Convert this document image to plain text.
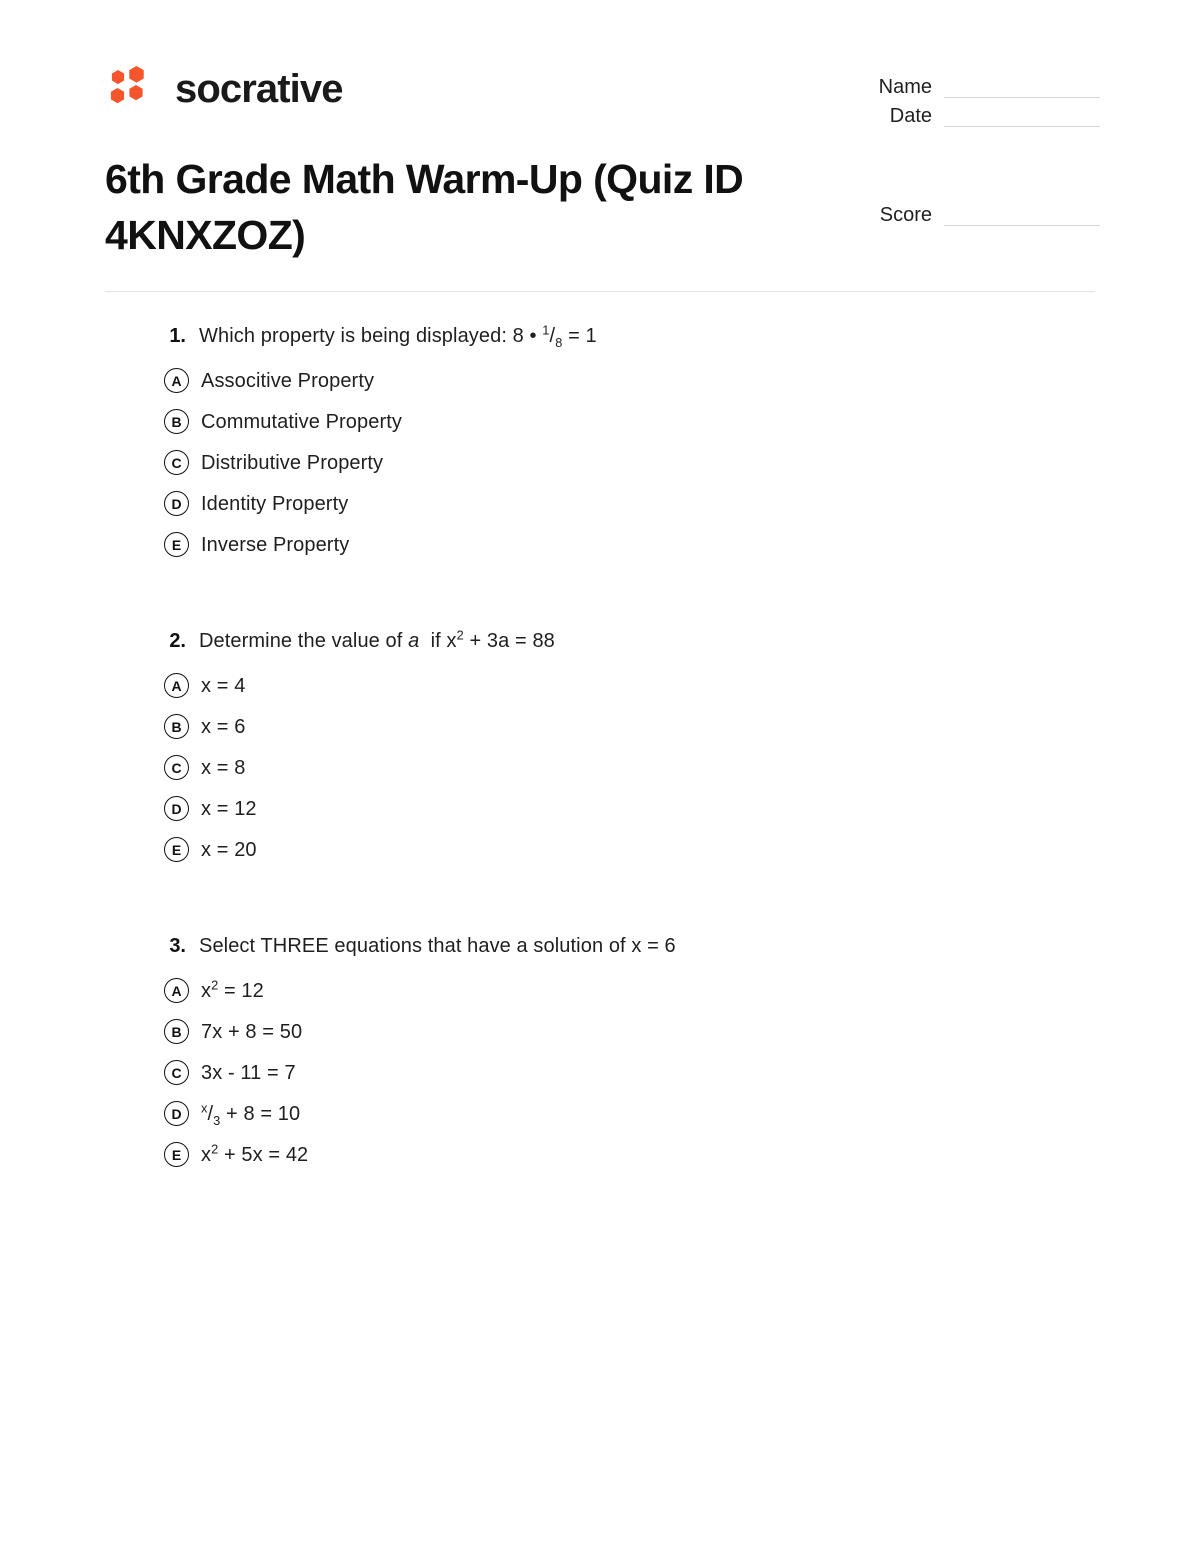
socrative
6th Grade Math Warm-Up (Quiz ID 4KNXZOZ)
Name
Date
Score
1. Which property is being displayed: 8 • $^1/_8 = 1$
A Associtive Property
B Commutative Property
C Distributive Property
D Identity Property
E Inverse Property
2. Determine the value of a  if $x^2 + 3a = 88$
A x = 4
B x = 6
C x = 8
D x = 12
E x = 20
3. Select THREE equations that have a solution of x = 6
A $x^2 = 12$
B 7x + 8 = 50
C 3x - 11 = 7
D	$^x/_3 + 8 = 10$
E $x^2 + 5x = 42$
